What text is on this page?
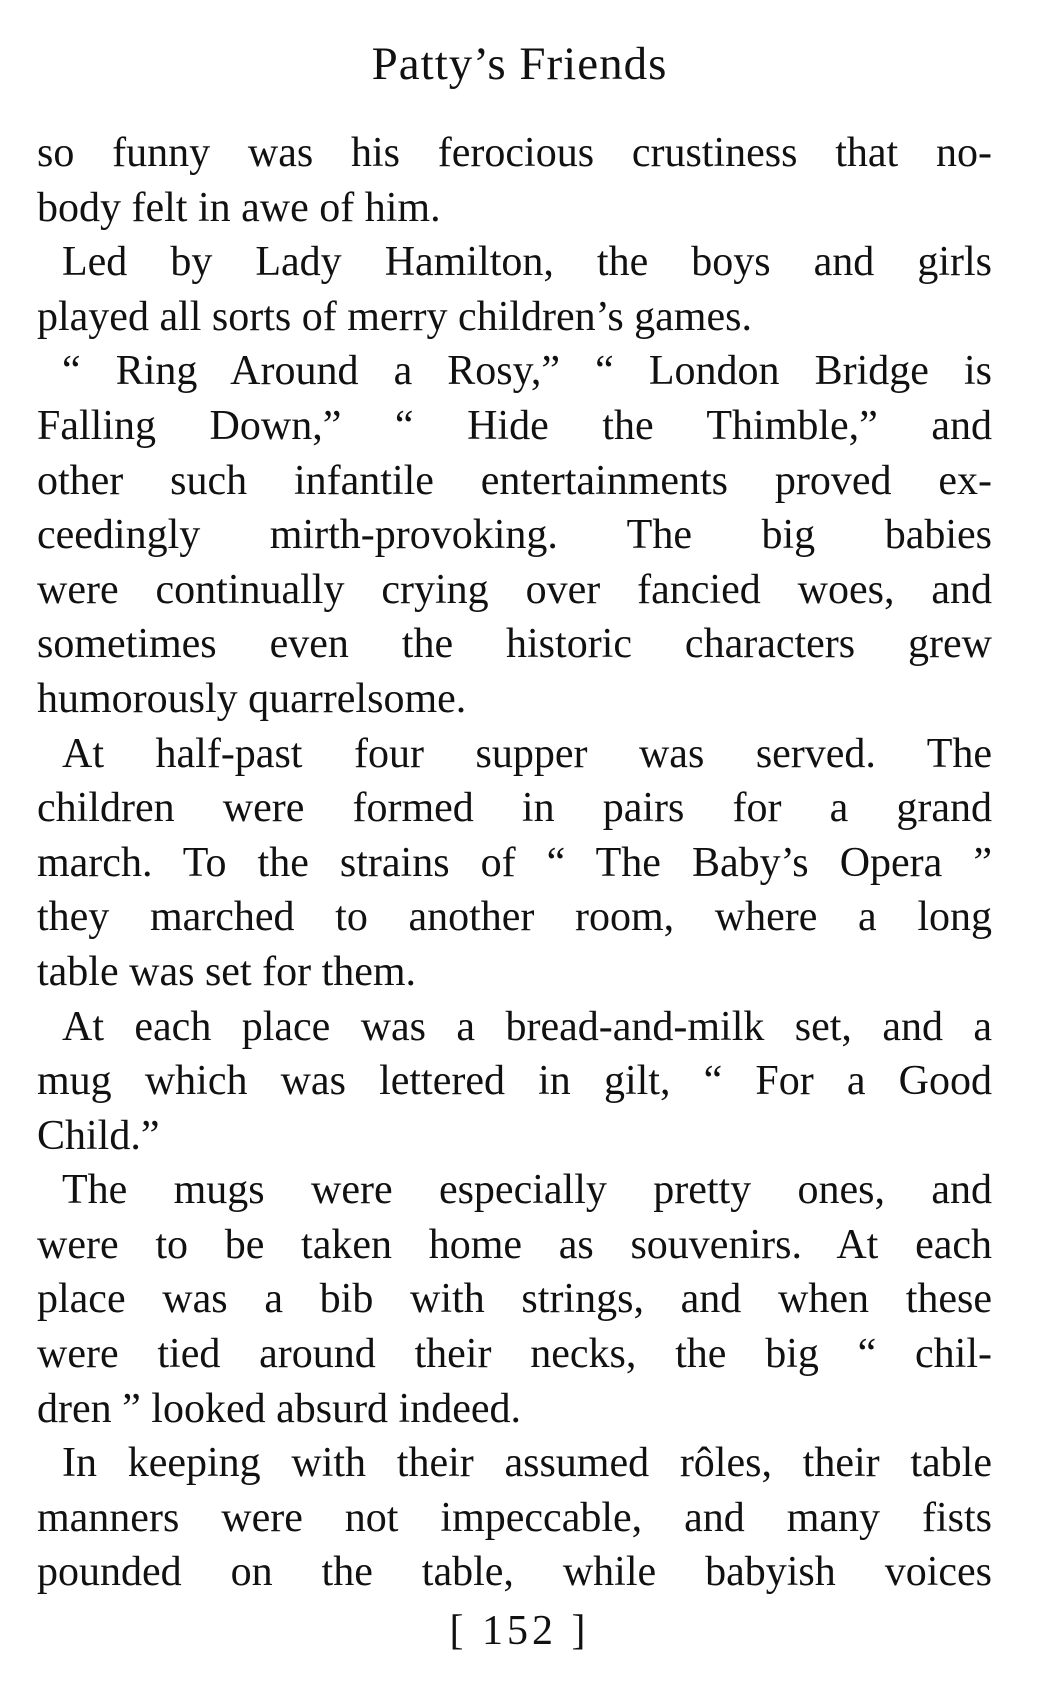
Patty’s Friends
so funny was his ferocious crustiness that no-
body felt in awe of him.
Led by Lady Hamilton, the boys and girls
played all sorts of merry children’s games.
“ Ring Around a Rosy,” “ London Bridge is
Falling Down,” “ Hide the Thimble,” and
other such infantile entertainments proved ex-
ceedingly mirth-provoking. The big babies
were continually crying over fancied woes, and
sometimes even the historic characters grew
humorously quarrelsome.
At half-past four supper was served. The
children were formed in pairs for a grand
march. To the strains of “ The Baby’s Opera ”
they marched to another room, where a long
table was set for them.
At each place was a bread-and-milk set, and a
mug which was lettered in gilt, “ For a Good
Child.”
The mugs were especially pretty ones, and
were to be taken home as souvenirs. At each
place was a bib with strings, and when these
were tied around their necks, the big “ chil-
dren ” looked absurd indeed.
In keeping with their assumed rôles, their table
manners were not impeccable, and many fists
pounded on the table, while babyish voices
[ 152 ]
